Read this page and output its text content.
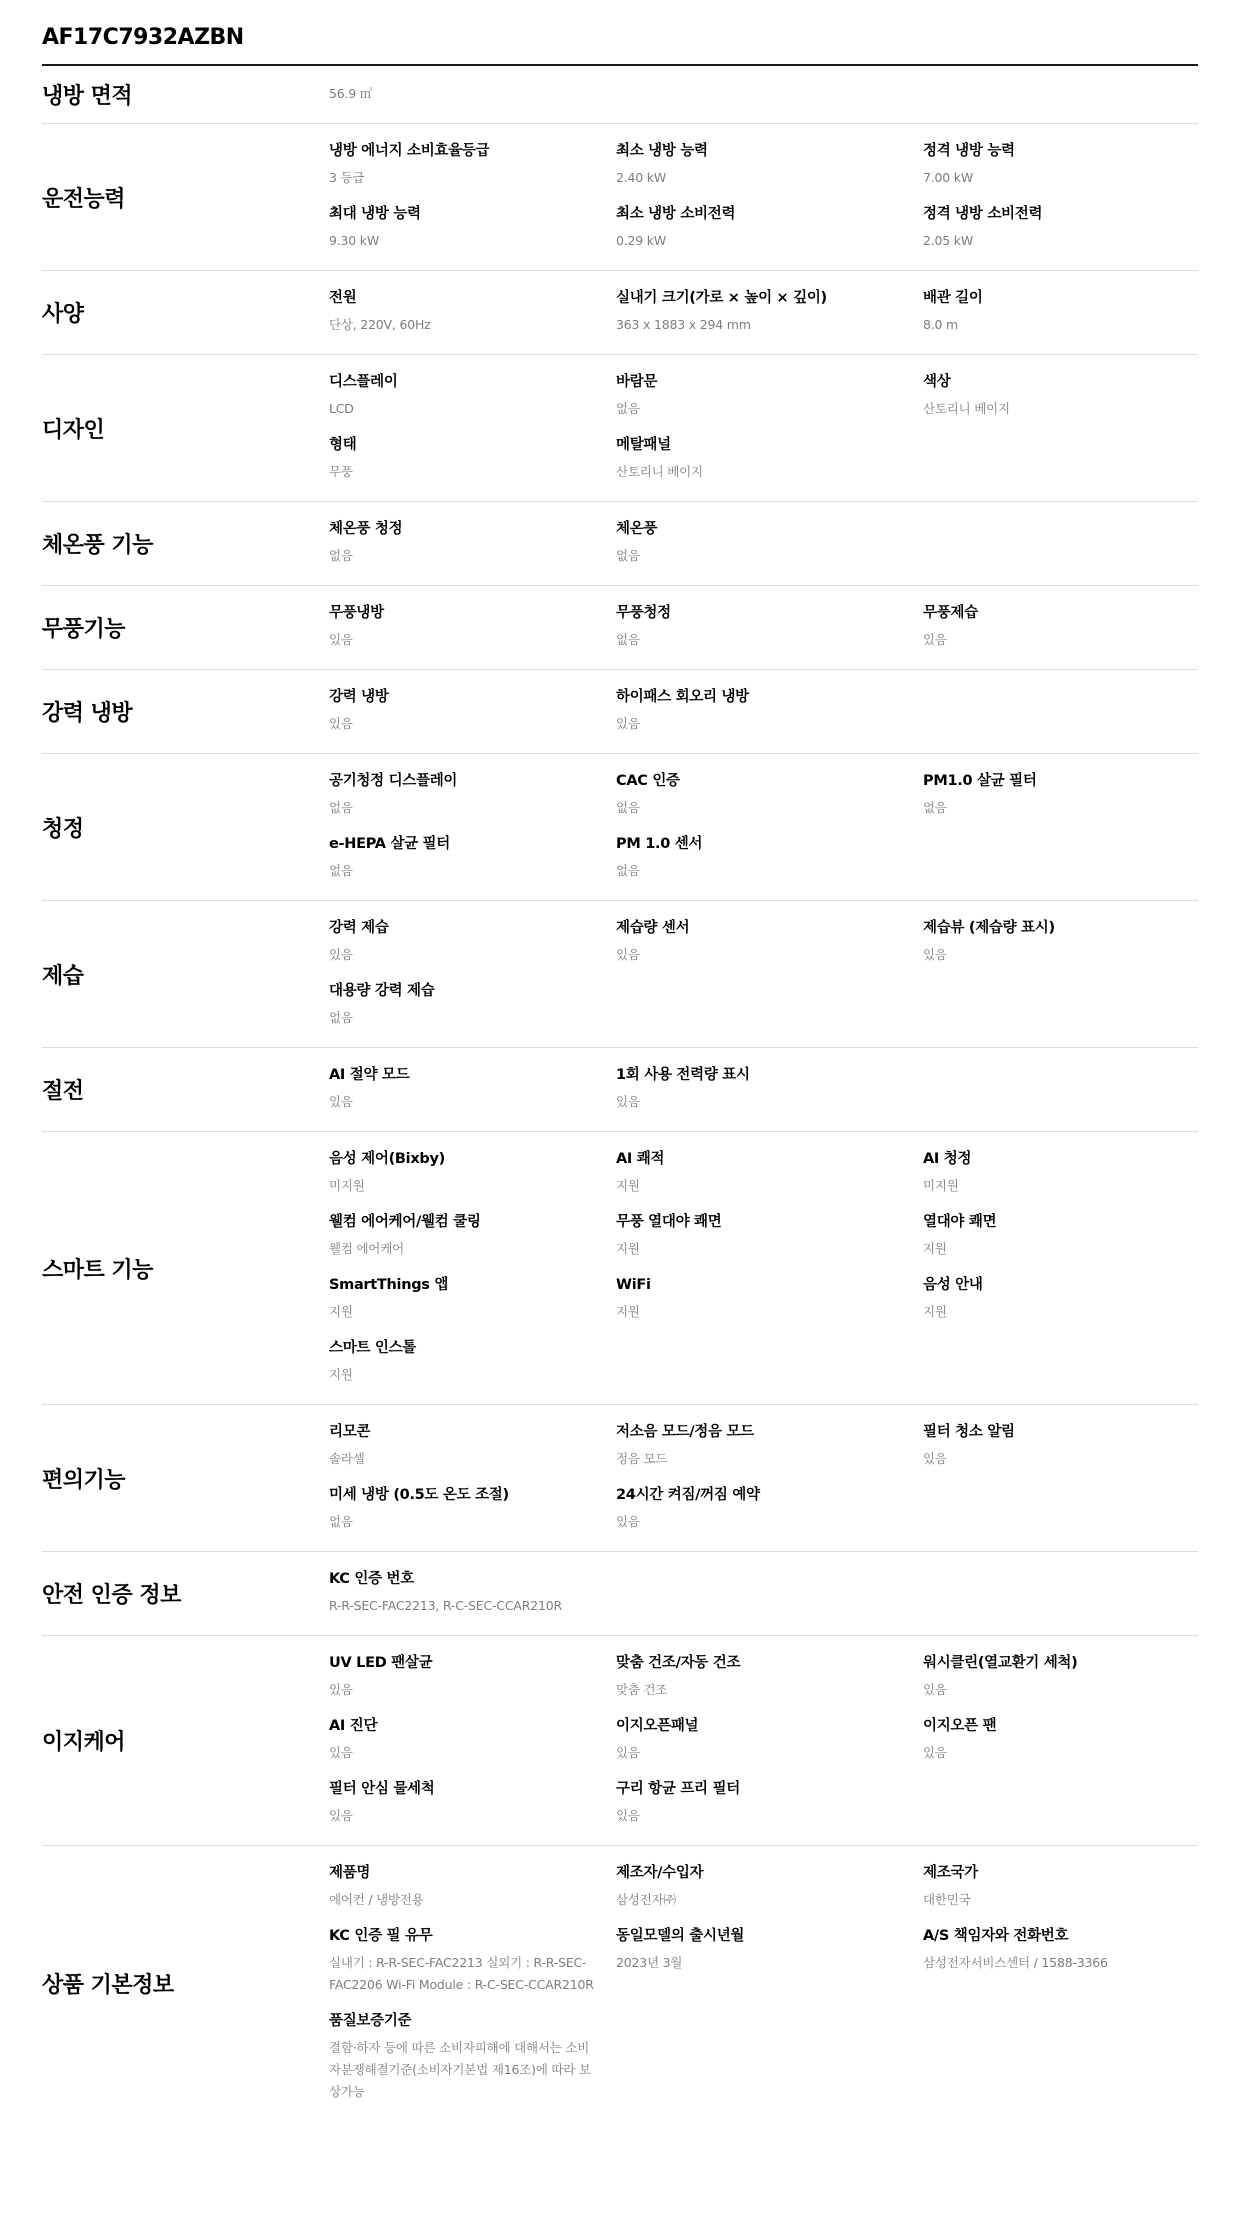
AF17C7932AZBN
냉방 면적	56.9 ㎡
운전능력
냉방 에너지 소비효율등급
3 등급
최소 냉방 능력
2.40 kW
정격 냉방 능력
7.00 kW
최대 냉방 능력
9.30 kW
최소 냉방 소비전력
0.29 kW
정격 냉방 소비전력
2.05 kW
사양
전원
단상, 220V, 60Hz
실내기 크기(가로 × 높이 × 깊이)
363 x 1883 x 294 mm
배관 길이
8.0 m
디자인
디스플레이
LCD
바람문
없음
색상
산토리니 베이지
형태
무풍
메탈패널
산토리니 베이지
체온풍 기능
체온풍 청정
없음
체온풍
없음
무풍기능
무풍냉방
있음
무풍청정
없음
무풍제습
있음
강력 냉방
강력 냉방
있음
하이패스 회오리 냉방
있음
청정
공기청정 디스플레이
없음
CAC 인증
없음
PM1.0 살균 필터
없음
e-HEPA 살균 필터
없음
PM 1.0 센서
없음
제습
강력 제습
있음
제습량 센서
있음
제습뷰 (제습량 표시)
있음
대용량 강력 제습
없음
절전
AI 절약 모드
있음
1회 사용 전력량 표시
있음
스마트 기능
음성 제어(Bixby)
미지원
AI 쾌적
지원
AI 청정
미지원
웰컴 에어케어/웰컴 쿨링
웰컴 에어케어
무풍 열대야 쾌면
지원
열대야 쾌면
지원
SmartThings 앱
지원
WiFi
지원
음성 안내
지원
스마트 인스톨
지원
편의기능
리모콘
솔라셀
저소음 모드/정음 모드
정음 모드
필터 청소 알림
있음
미세 냉방 (0.5도 온도 조절)
없음
24시간 켜짐/꺼짐 예약
있음
안전 인증 정보
KC 인증 번호
R-R-SEC-FAC2213, R-C-SEC-CCAR210R
이지케어
UV LED 팬살균
있음
맞춤 건조/자동 건조
맞춤 건조
워시클린(열교환기 세척)
있음
AI 진단
있음
이지오픈패널
있음
이지오픈 팬
있음
필터 안심 물세척
있음
구리 항균 프리 필터
있음
상품 기본정보
제품명
에어컨 / 냉방전용
제조자/수입자
삼성전자㈜
제조국가
대한민국
KC 인증 필 유무
실내기 : R-R-SEC-FAC2213 실외기 : R-R-SEC-FAC2206 Wi-Fi Module : R-C-SEC-CCAR210R
동일모델의 출시년월
2023년 3월
A/S 책임자와 전화번호
삼성전자서비스센터 / 1588-3366
품질보증기준
결함·하자 등에 따른 소비자피해에 대해서는 소비자분쟁해결기준(소비자기본법 제16조)에 따라 보상가능
